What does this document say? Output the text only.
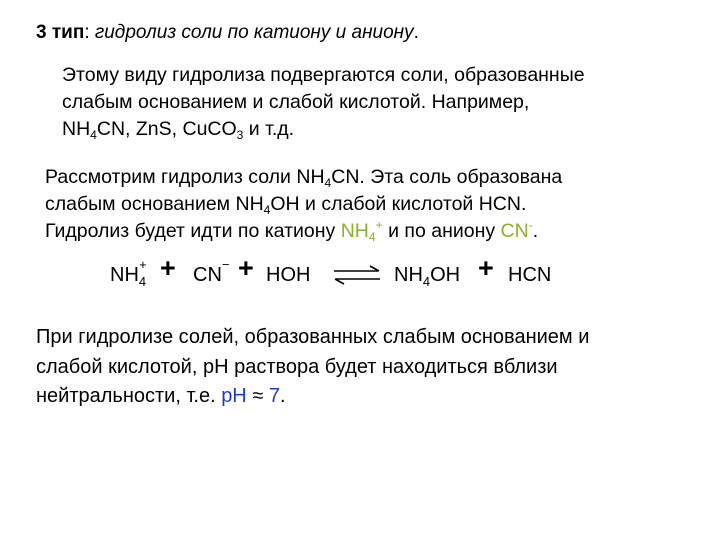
3 тип: гидролиз соли по катиону и аниону.
Этому виду гидролиза подвергаются соли, образованные
слабым основанием и слабой кислотой. Например,
$NH_4CN$, ZnS, CuCO$_3$ и т.д.
Рассмотрим гидролиз соли $NH_4CN$. Эта соль образована
слабым основанием $NH_4OH$ и слабой кислотой HCN.
Гидролиз будет идти по катиону $NH_4^+$ и по аниону CN-.
$NH_4^+ + CN^-$ + HOH ⇌ $NH_4OH$ + HCN
При гидролизе солей, образованных слабым основанием и
слабой кислотой, рН раствора будет находиться вблизи
нейтральности, т.е. рН ≈ 7.
